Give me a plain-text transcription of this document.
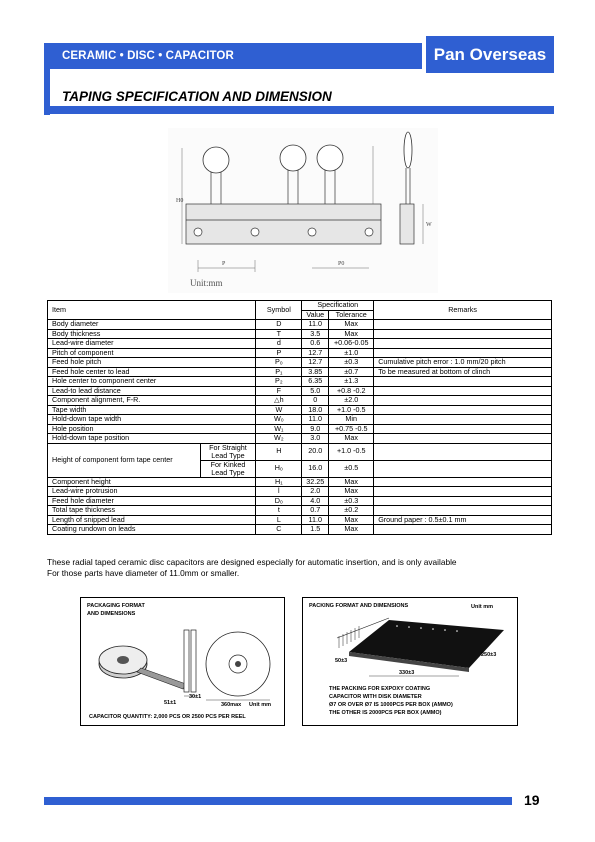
CERAMIC • DISC • CAPACITOR	Pan Overseas
TAPING SPECIFICATION AND DIMENSION
H0
P	P0
W
Unit:mm
Item		Symbol	Specification		Remarks
			Value	Tolerance	
Body diameter		D	11.0	Max	
Body thickness		T	3.5	Max	
Lead-wire diameter		d	0.6	+0.06-0.05	
Pitch of component		P	12.7	±1.0	
Feed hole pitch		P₀	12.7	±0.3	Cumulative pitch error : 1.0 mm/20 pitch
Feed hole center to lead		P₁	3.85	±0.7	To be measured at bottom of clinch
Hole center to component center		P₂	6.35	±1.3	
Lead-to lead distance		F	5.0	+0.8 -0.2	
Component alignment, F-R.		△h	0	±2.0	
Tape width		W	18.0	+1.0 -0.5	
Hold-down tape width		W₀	11.0	Min	
Hole position		W₁	9.0	+0.75 -0.5	
Hold-down tape position		W₂	3.0	Max	
Height of component form tape center	For Straight Lead Type	H	20.0	+1.0 -0.5	
	For Kinked Lead Type	H₀	16.0	±0.5	
Component height		H₁	32.25	Max	
Lead-wire protrusion		l	2.0	Max	
Feed hole diameter		D₀	4.0	±0.3	
Total tape thickness		t	0.7	±0.2	
Length of snipped lead		L	11.0	Max	Ground paper : 0.5±0.1 mm
Coating rundown on leads		C	1.5	Max	
These radial taped ceramic disc capacitors are designed especially for automatic insertion, and is only available
For those parts have diameter of 11.0mm or smaller.
PACKAGING FORMAT
AND DIMENSIONS
51±1
30±1
360max Unit mm
CAPACITOR QUANTITY: 2,000 PCS OR 2500 PCS PER REEL
PACKING FORMAT AND DIMENSIONS	Unit mm
50±3
330±3
250±3
THE PACKING FOR EXPOXY COATING
CAPACITOR WITH DISK DIAMETER
Ø7 OR OVER Ø7 IS 1000PCS PER BOX (AMMO)
THE OTHER IS 2000PCS PER BOX (AMMO)
19
